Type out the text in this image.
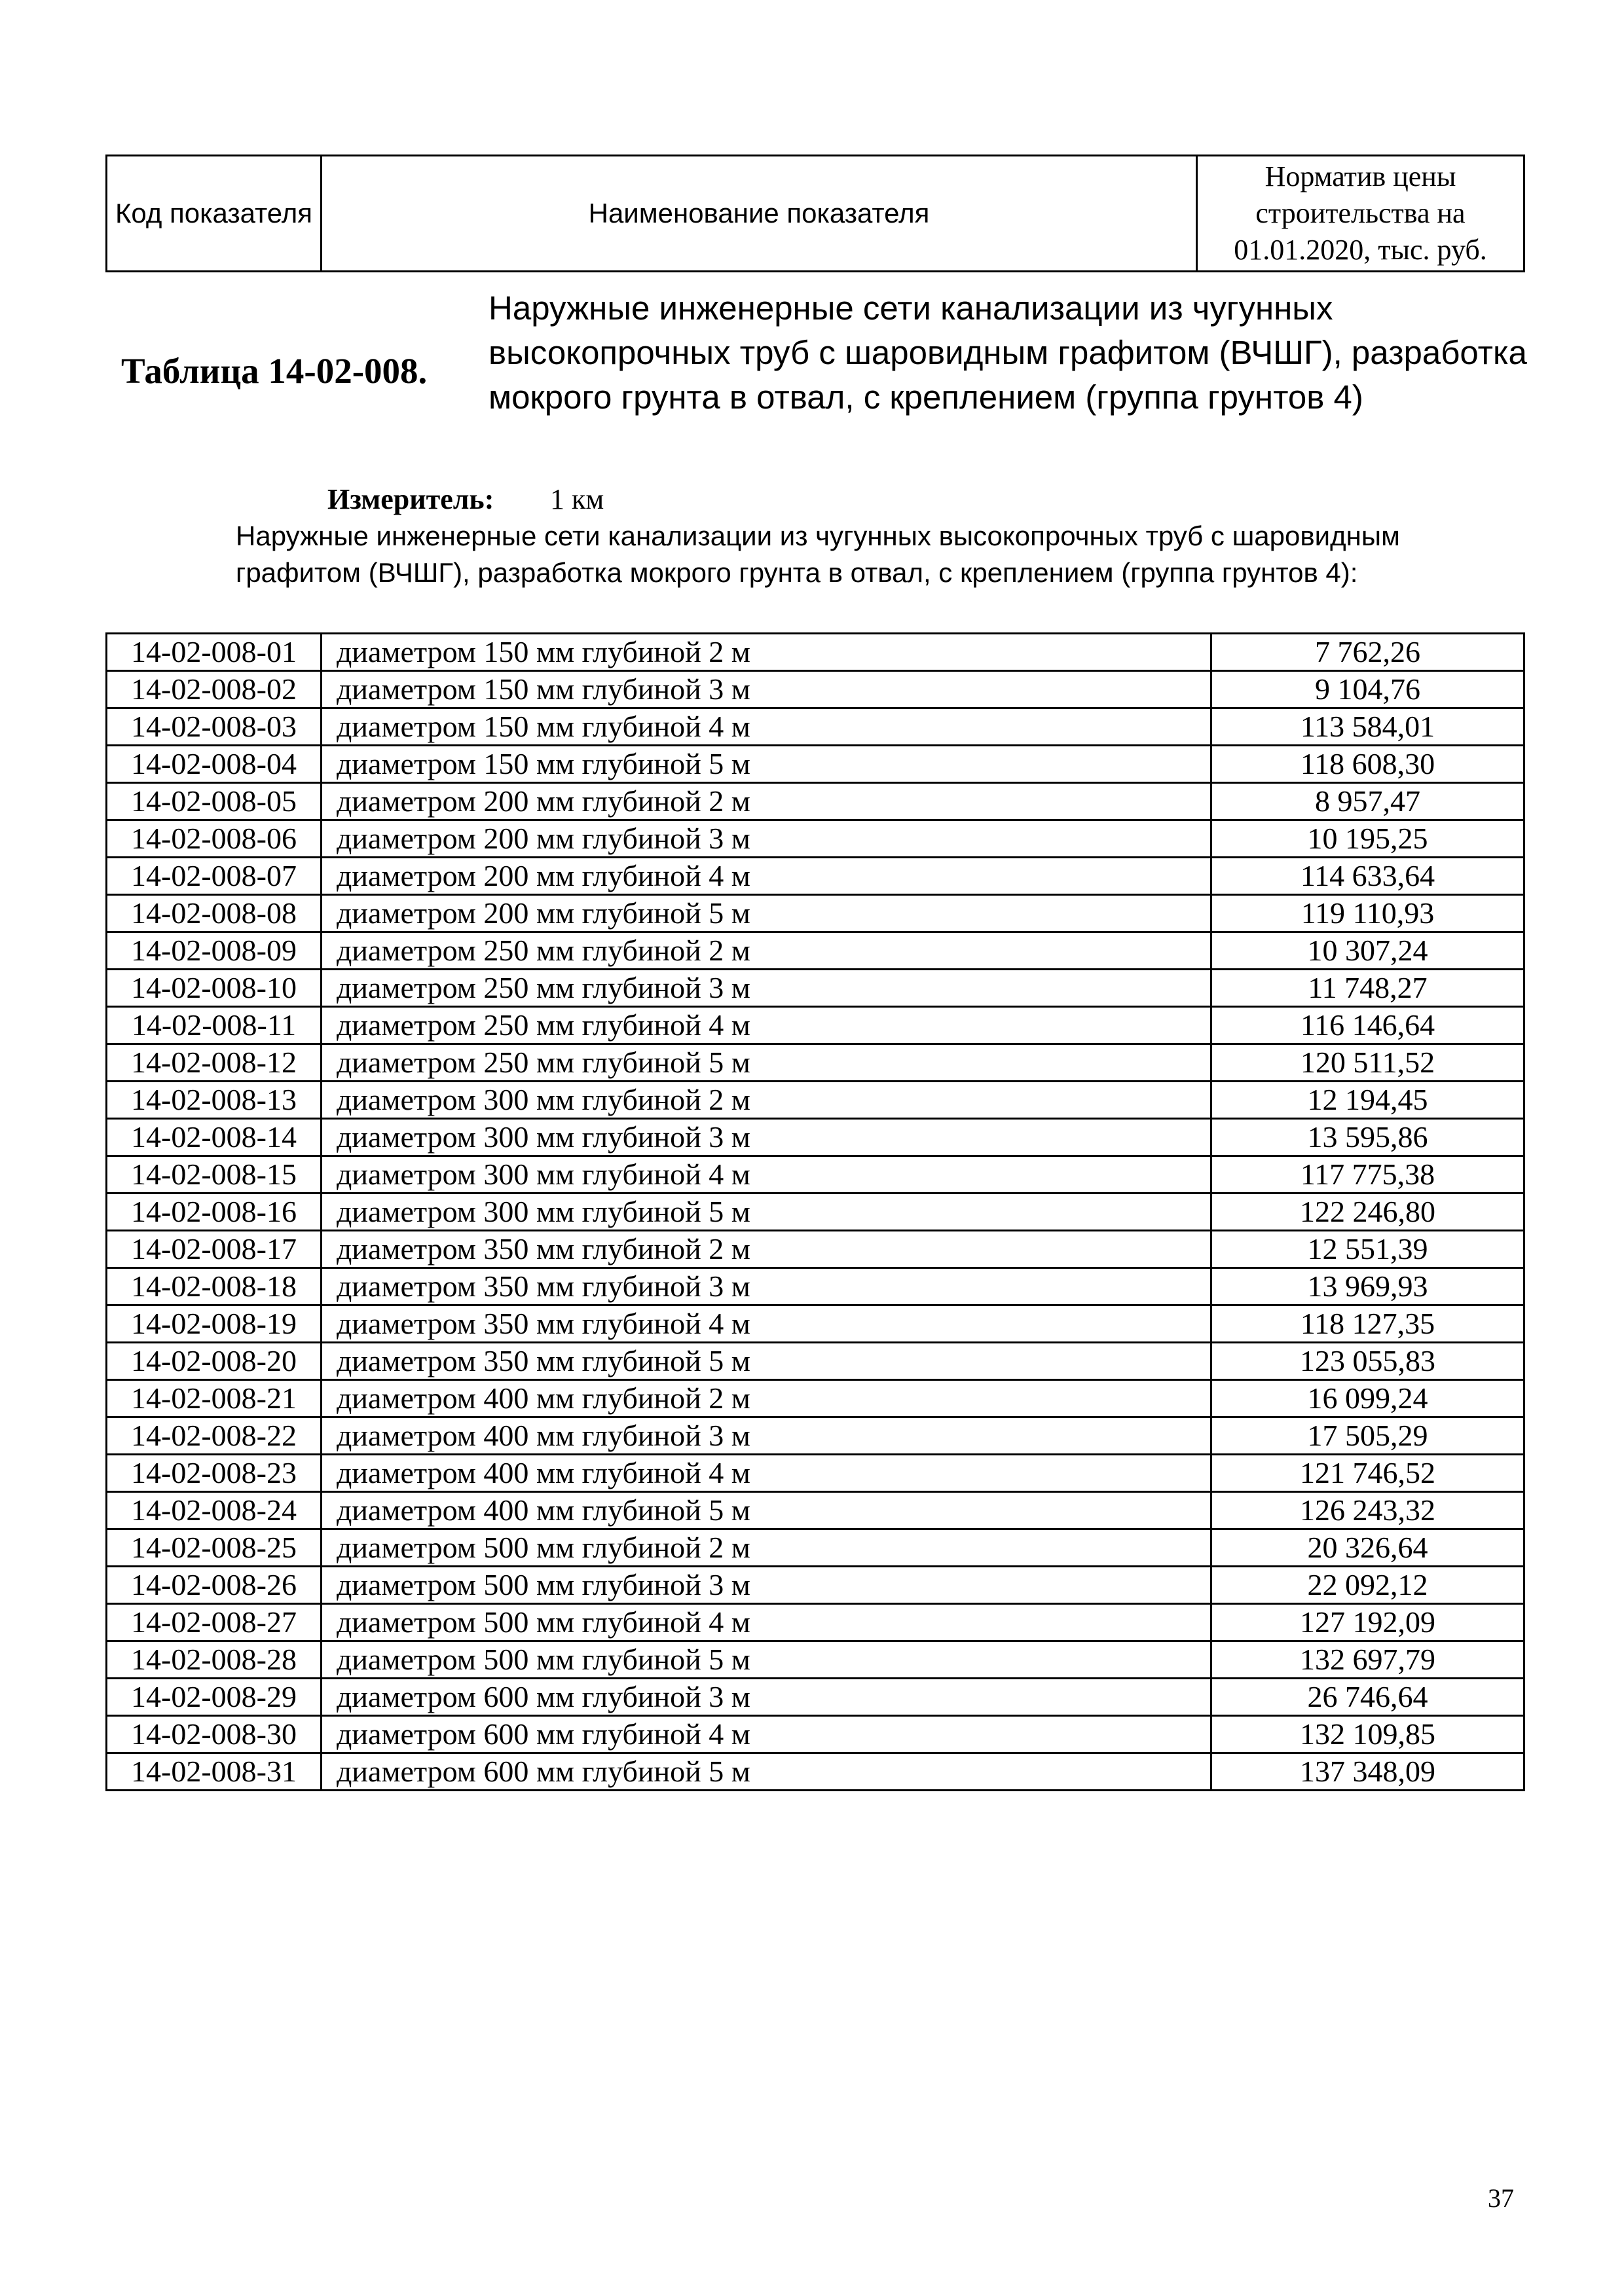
Код показателя	Наименование показателя	Норматив цены строительства на 01.01.2020, тыс. руб.
Таблица 14-02-008.
Наружные инженерные сети канализации из чугунных высокопрочных труб с шаровидным графитом (ВЧШГ), разработка мокрого грунта в отвал, с креплением (группа грунтов 4)
Измеритель: 1 км
Наружные инженерные сети канализации из чугунных высокопрочных труб с шаровидным графитом (ВЧШГ), разработка мокрого грунта в отвал, с креплением (группа грунтов 4):
14-02-008-01	диаметром 150 мм глубиной 2 м	7 762,26
14-02-008-02	диаметром 150 мм глубиной 3 м	9 104,76
14-02-008-03	диаметром 150 мм глубиной 4 м	113 584,01
14-02-008-04	диаметром 150 мм глубиной 5 м	118 608,30
14-02-008-05	диаметром 200 мм глубиной 2 м	8 957,47
14-02-008-06	диаметром 200 мм глубиной 3 м	10 195,25
14-02-008-07	диаметром 200 мм глубиной 4 м	114 633,64
14-02-008-08	диаметром 200 мм глубиной 5 м	119 110,93
14-02-008-09	диаметром 250 мм глубиной 2 м	10 307,24
14-02-008-10	диаметром 250 мм глубиной 3 м	11 748,27
14-02-008-11	диаметром 250 мм глубиной 4 м	116 146,64
14-02-008-12	диаметром 250 мм глубиной 5 м	120 511,52
14-02-008-13	диаметром 300 мм глубиной 2 м	12 194,45
14-02-008-14	диаметром 300 мм глубиной 3 м	13 595,86
14-02-008-15	диаметром 300 мм глубиной 4 м	117 775,38
14-02-008-16	диаметром 300 мм глубиной 5 м	122 246,80
14-02-008-17	диаметром 350 мм глубиной 2 м	12 551,39
14-02-008-18	диаметром 350 мм глубиной 3 м	13 969,93
14-02-008-19	диаметром 350 мм глубиной 4 м	118 127,35
14-02-008-20	диаметром 350 мм глубиной 5 м	123 055,83
14-02-008-21	диаметром 400 мм глубиной 2 м	16 099,24
14-02-008-22	диаметром 400 мм глубиной 3 м	17 505,29
14-02-008-23	диаметром 400 мм глубиной 4 м	121 746,52
14-02-008-24	диаметром 400 мм глубиной 5 м	126 243,32
14-02-008-25	диаметром 500 мм глубиной 2 м	20 326,64
14-02-008-26	диаметром 500 мм глубиной 3 м	22 092,12
14-02-008-27	диаметром 500 мм глубиной 4 м	127 192,09
14-02-008-28	диаметром 500 мм глубиной 5 м	132 697,79
14-02-008-29	диаметром 600 мм глубиной 3 м	26 746,64
14-02-008-30	диаметром 600 мм глубиной 4 м	132 109,85
14-02-008-31	диаметром 600 мм глубиной 5 м	137 348,09
37
